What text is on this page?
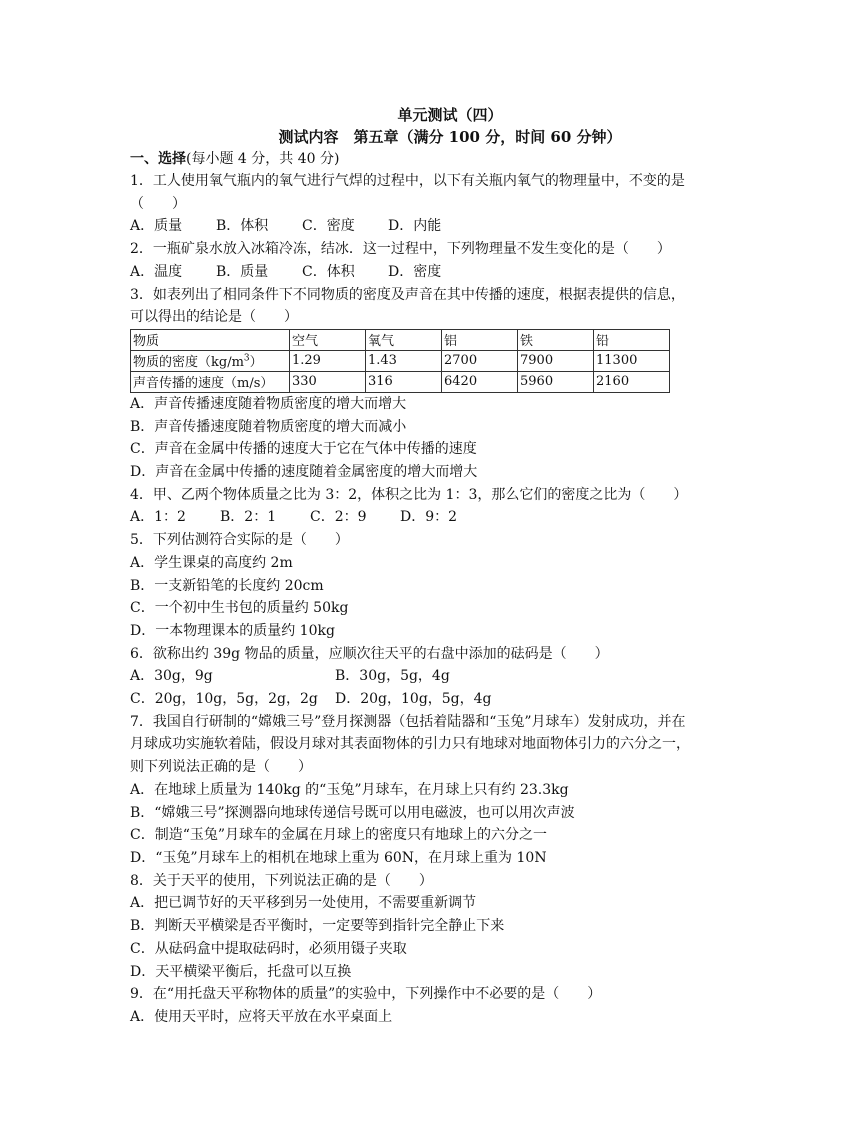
单元测试（四）
测试内容　第五章（满分 100 分，时间 60 分钟）
一、选择(每小题 4 分，共 40 分)
1．工人使用氧气瓶内的氧气进行气焊的过程中，以下有关瓶内氧气的物理量中，不变的是
（　　）
A．质量	B．体积	C．密度	D．内能
2．一瓶矿泉水放入冰箱冷冻，结冰．这一过程中，下列物理量不发生变化的是（　　）
A．温度	B．质量	C．体积	D．密度
3．如表列出了相同条件下不同物质的密度及声音在其中传播的速度，根据表提供的信息，
可以得出的结论是（　　）
物质	空气	氧气	铝	铁	铅
物质的密度$(kg/m^3)$	1.29	1.43	2700	7900	11300
声音传播的速度（m/s）	330	316	6420	5960	2160
A．声音传播速度随着物质密度的增大而增大
B．声音传播速度随着物质密度的增大而减小
C．声音在金属中传播的速度大于它在气体中传播的速度
D．声音在金属中传播的速度随着金属密度的增大而增大
4．甲、乙两个物体质量之比为 3：2，体积之比为 1：3，那么它们的密度之比为（　　）
A．1：2	B．2：1	C．2：9	D．9：2
5．下列估测符合实际的是（　　）
A．学生课桌的高度约 2m
B．一支新铅笔的长度约 20cm
C．一个初中生书包的质量约 50kg
D．一本物理课本的质量约 10kg
6．欲称出约 39g 物品的质量，应顺次往天平的右盘中添加的砝码是（　　）
A．30g，9g	B．30g，5g，4g
C．20g，10g，5g，2g，2g	D．20g，10g，5g，4g
7．我国自行研制的“嫦娥三号”登月探测器（包括着陆器和“玉兔”月球车）发射成功，并在
月球成功实施软着陆，假设月球对其表面物体的引力只有地球对地面物体引力的六分之一，
则下列说法正确的是（　　）
A．在地球上质量为 140kg 的“玉兔”月球车，在月球上只有约 23.3kg
B．“嫦娥三号”探测器向地球传递信号既可以用电磁波，也可以用次声波
C．制造“玉兔”月球车的金属在月球上的密度只有地球上的六分之一
D．“玉兔”月球车上的相机在地球上重为 60N，在月球上重为 10N
8．关于天平的使用，下列说法正确的是（　　）
A．把已调节好的天平移到另一处使用，不需要重新调节
B．判断天平横梁是否平衡时，一定要等到指针完全静止下来
C．从砝码盒中提取砝码时，必须用镊子夹取
D．天平横梁平衡后，托盘可以互换
9．在“用托盘天平称物体的质量”的实验中，下列操作中不必要的是（　　）
A．使用天平时，应将天平放在水平桌面上
